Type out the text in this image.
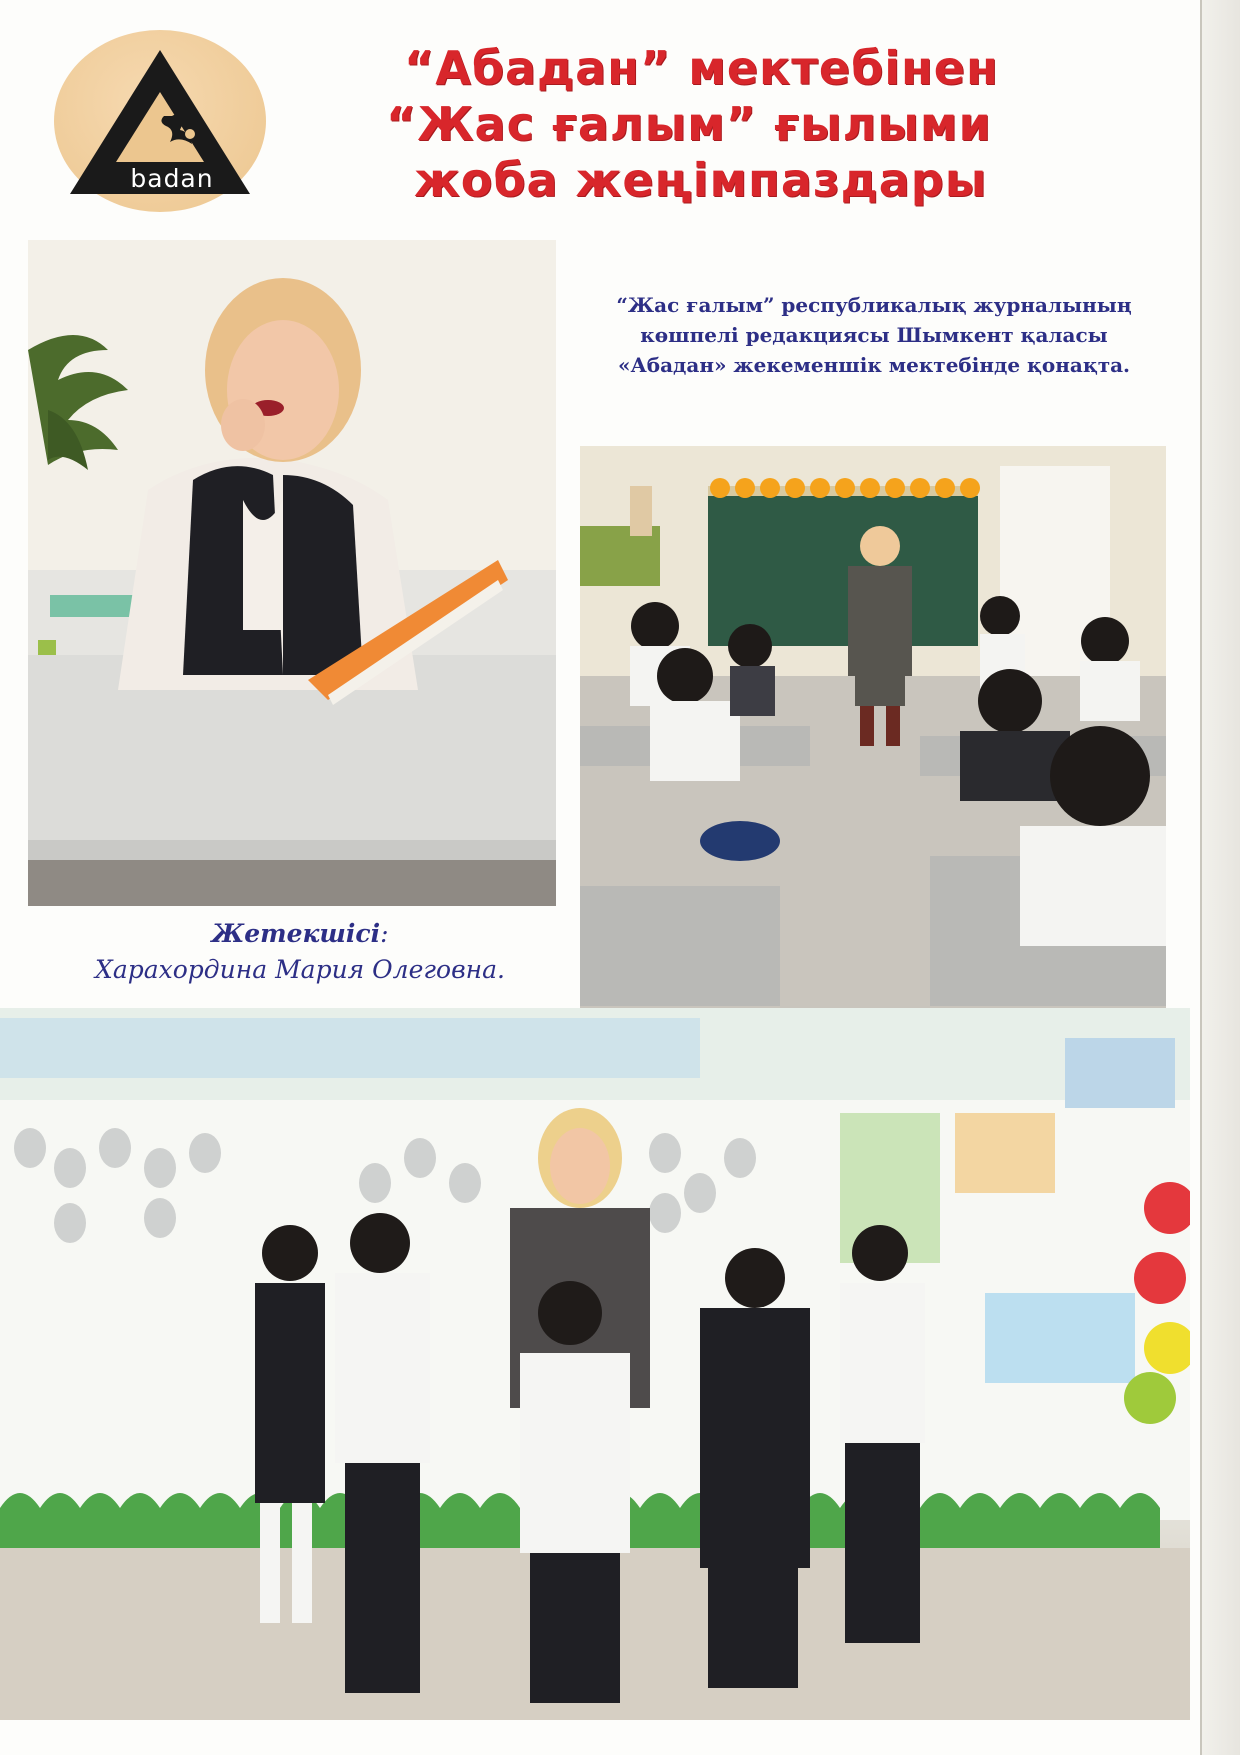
badan
“Абадан” мектебінен
“Жас ғалым” ғылыми
жоба жеңімпаздары
“Жас ғалым” республикалық журналының
көшпелі редакциясы Шымкент қаласы
«Абадан» жекеменшік мектебінде қонақта.
Жетекшісі:
Харахордина Мария Олеговна.
